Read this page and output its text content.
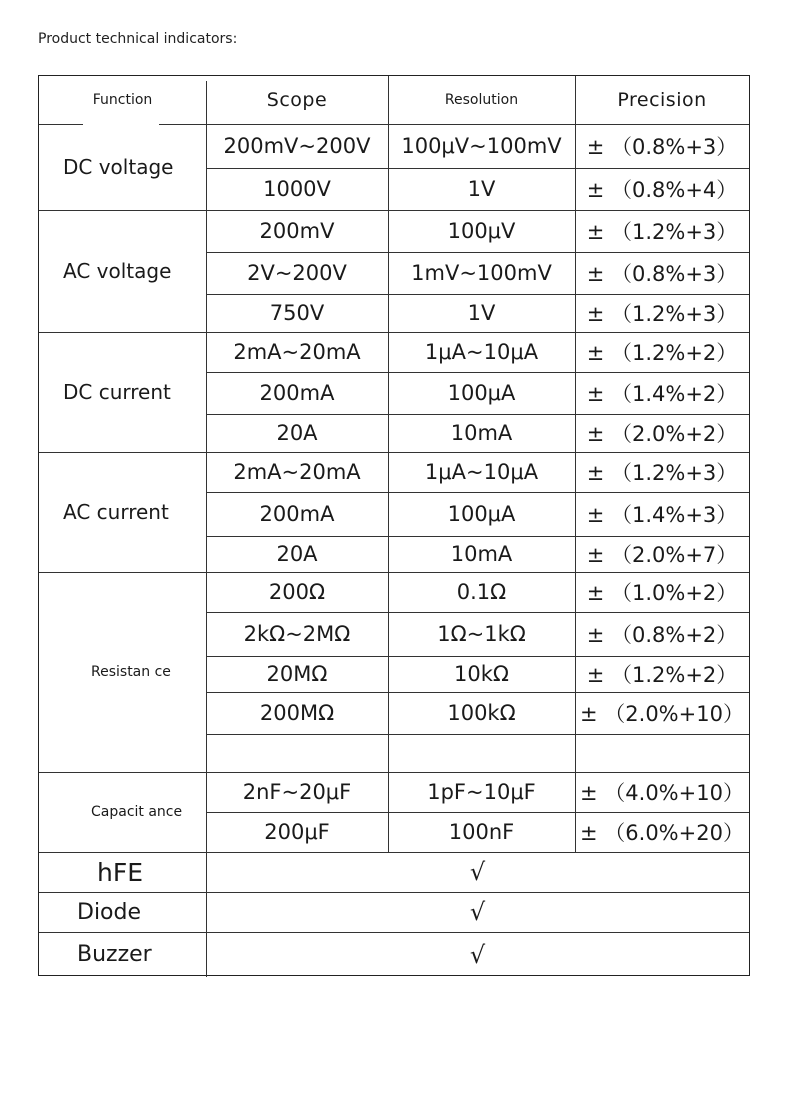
Product technical indicators:
Function	Scope	Resolution	Precision
DC voltage
200mV~200V	100μV~100mV	± （0.8%+3）
1000V	1V	± （0.8%+4）
AC voltage
200mV	100μV	± （1.2%+3）
2V~200V	1mV~100mV	± （0.8%+3）
750V	1V	± （1.2%+3）
DC current
2mA~20mA	1μA~10μA	± （1.2%+2）
200mA	100μA	± （1.4%+2）
20A	10mA	± （2.0%+2）
AC current
2mA~20mA	1μA~10μA	± （1.2%+3）
200mA	100μA	± （1.4%+3）
20A	10mA	± （2.0%+7）
Resistan ce
200Ω	0.1Ω	± （1.0%+2）
2kΩ~2MΩ	1Ω~1kΩ	± （0.8%+2）
20MΩ	10kΩ	± （1.2%+2）
200MΩ	100kΩ	± （2.0%+10）
Capacit ance
2nF~20μF	1pF~10μF	± （4.0%+10）
200μF	100nF	± （6.0%+20）
hFE	√
Diode	√
Buzzer	√
